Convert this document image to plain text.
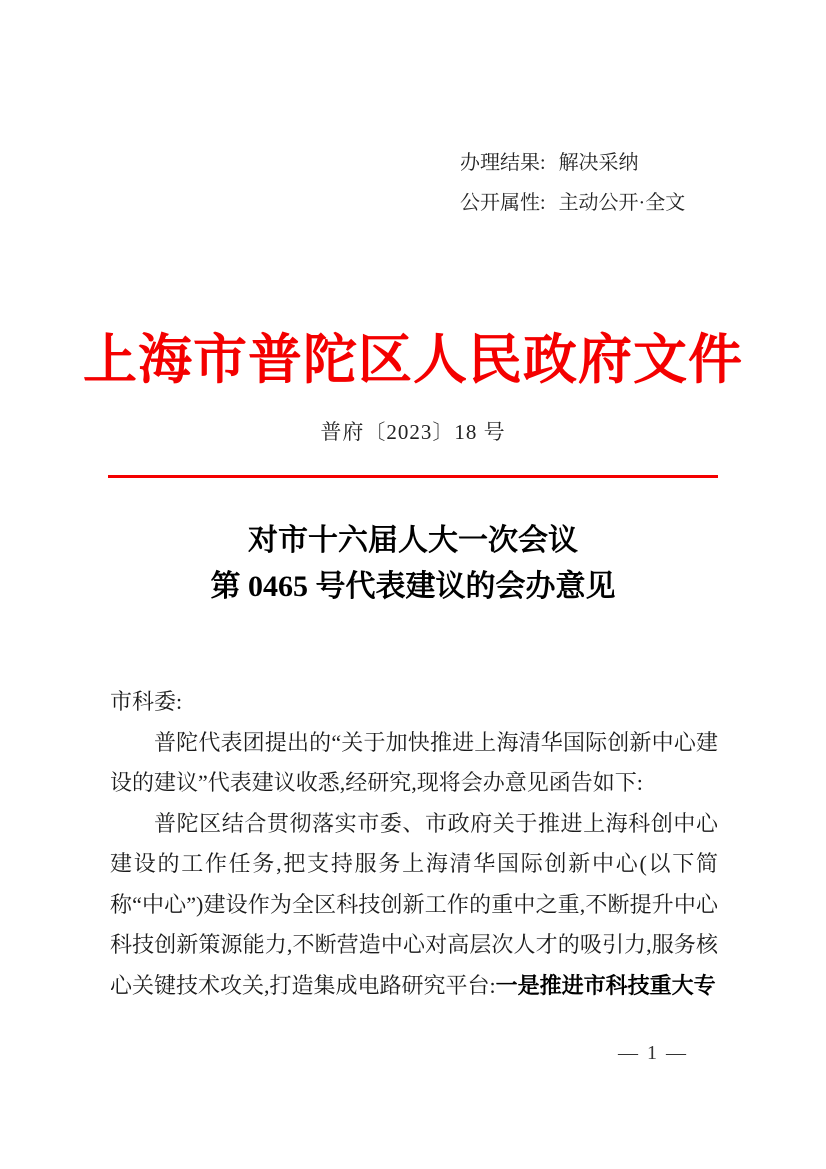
办理结果: 解决采纳
公开属性: 主动公开·全文
上海市普陀区人民政府文件
普府〔2023〕18 号
对市十六届人大一次会议
第 0465 号代表建议的会办意见

市科委:

普陀代表团提出的“关于加快推进上海清华国际创新中心建设的建议”代表建议收悉,经研究,现将会办意见函告如下:

普陀区结合贯彻落实市委、市政府关于推进上海科创中心建设的工作任务,把支持服务上海清华国际创新中心(以下简称“中心”)建设作为全区科技创新工作的重中之重,不断提升中心科技创新策源能力,不断营造中心对高层次人才的吸引力,服务核心关键技术攻关,打造集成电路研究平台:一是推进市科技重大专

— 1 —
